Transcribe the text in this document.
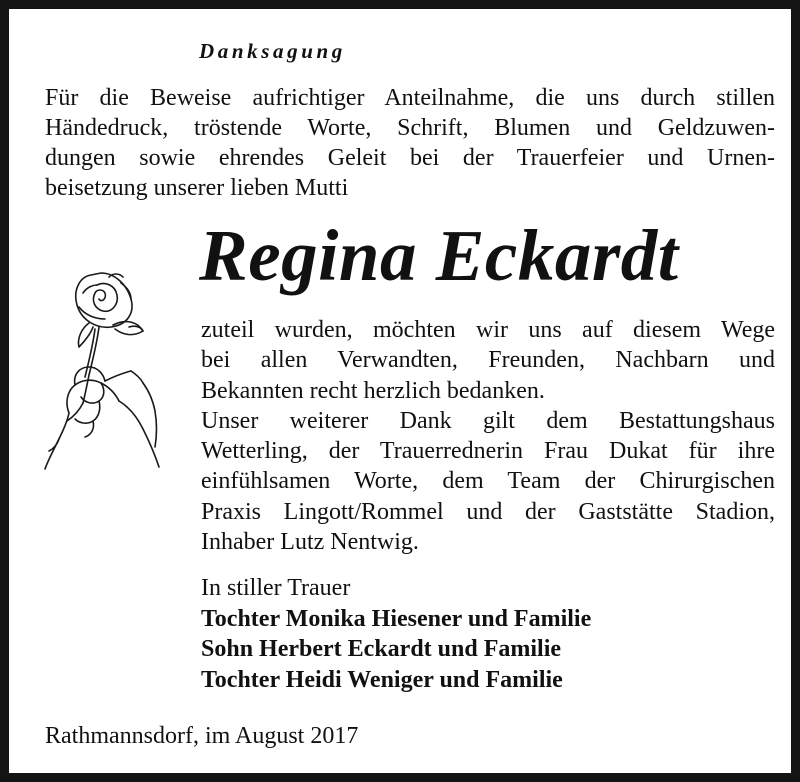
Danksagung
Für die Beweise aufrichtiger Anteilnahme, die uns durch stillen
Händedruck, tröstende Worte, Schrift, Blumen und Geldzuwen-
dungen sowie ehrendes Geleit bei der Trauerfeier und Urnen-
beisetzung unserer lieben Mutti
Regina Eckardt
zuteil wurden, möchten wir uns auf diesem Wege
bei allen Verwandten, Freunden, Nachbarn und
Bekannten recht herzlich bedanken.
Unser weiterer Dank gilt dem Bestattungshaus
Wetterling, der Trauerrednerin Frau Dukat für ihre
einfühlsamen Worte, dem Team der Chirurgischen
Praxis Lingott/Rommel und der Gaststätte Stadion,
Inhaber Lutz Nentwig.
In stiller Trauer
Tochter Monika Hiesener und Familie
Sohn Herbert Eckardt und Familie
Tochter Heidi Weniger und Familie
Rathmannsdorf, im August 2017
